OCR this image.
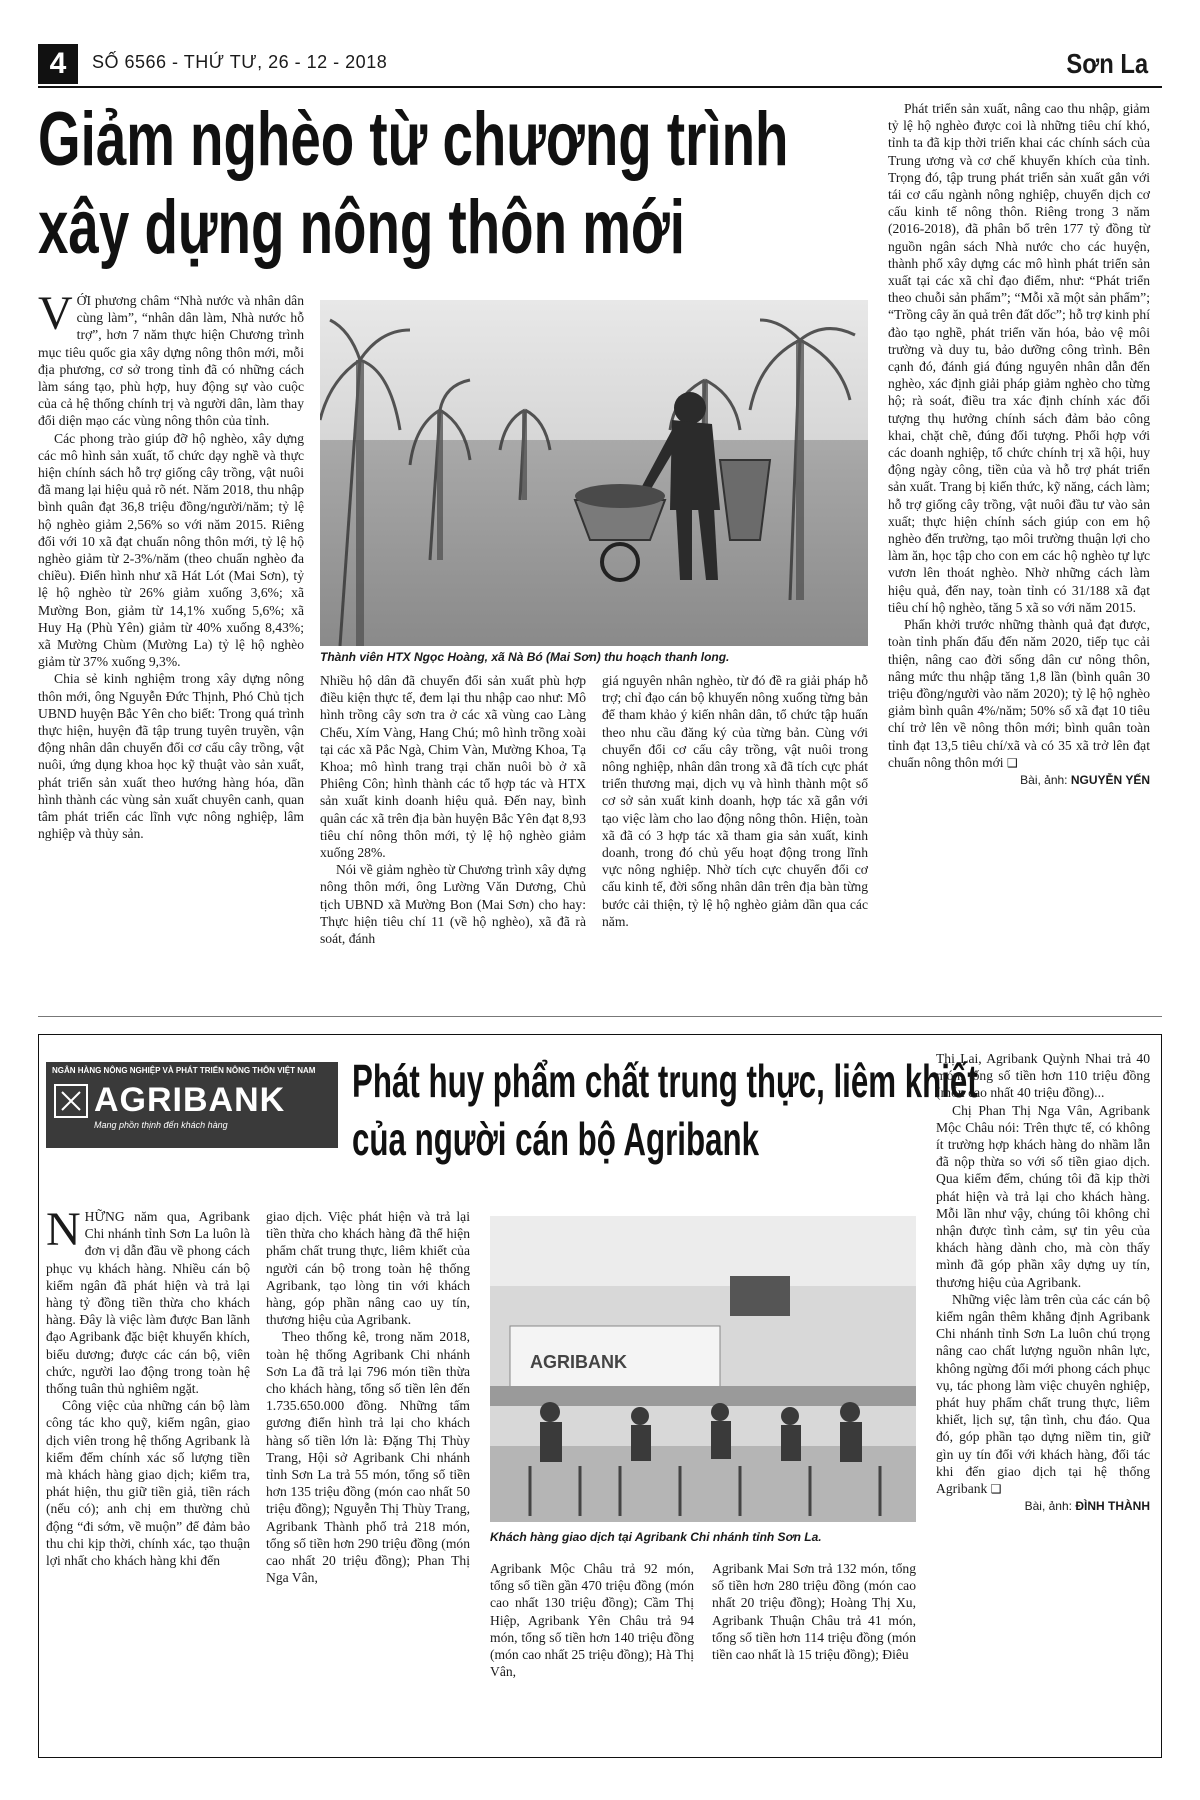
4	SỐ 6566 - THỨ TƯ, 26 - 12 - 2018	Sơn La
Giảm nghèo từ chương trình
xây dựng nông thôn mới

VỚI phương châm “Nhà nước và nhân dân cùng làm”, “nhân dân làm, Nhà nước hỗ trợ”, hơn 7 năm thực hiện Chương trình mục tiêu quốc gia xây dựng nông thôn mới, mỗi địa phương, cơ sở trong tỉnh đã có những cách làm sáng tạo, phù hợp, huy động sự vào cuộc của cả hệ thống chính trị và người dân, làm thay đổi diện mạo các vùng nông thôn của tỉnh.

Các phong trào giúp đỡ hộ nghèo, xây dựng các mô hình sản xuất, tổ chức dạy nghề và thực hiện chính sách hỗ trợ giống cây trồng, vật nuôi đã mang lại hiệu quả rõ nét. Năm 2018, thu nhập bình quân đạt 36,8 triệu đồng/người/năm; tỷ lệ hộ nghèo giảm 2,56% so với năm 2015. Riêng đối với 10 xã đạt chuẩn nông thôn mới, tỷ lệ hộ nghèo giảm từ 2-3%/năm (theo chuẩn nghèo đa chiều). Điển hình như xã Hát Lót (Mai Sơn), tỷ lệ hộ nghèo từ 26% giảm xuống 3,6%; xã Mường Bon, giảm từ 14,1% xuống 5,6%; xã Huy Hạ (Phù Yên) giảm từ 40% xuống 8,43%; xã Mường Chùm (Mường La) tỷ lệ hộ nghèo giảm từ 37% xuống 9,3%.

Chia sẻ kinh nghiệm trong xây dựng nông thôn mới, ông Nguyễn Đức Thịnh, Phó Chủ tịch UBND huyện Bắc Yên cho biết: Trong quá trình thực hiện, huyện đã tập trung tuyên truyền, vận động nhân dân chuyển đổi cơ cấu cây trồng, vật nuôi, ứng dụng khoa học kỹ thuật vào sản xuất, phát triển sản xuất theo hướng hàng hóa, dần hình thành các vùng sản xuất chuyên canh, quan tâm phát triển các lĩnh vực nông nghiệp, lâm nghiệp và thủy sản.

Thành viên HTX Ngọc Hoàng, xã Nà Bó (Mai Sơn) thu hoạch thanh long.

Nhiều hộ dân đã chuyển đổi sản xuất phù hợp điều kiện thực tế, đem lại thu nhập cao như: Mô hình trồng cây sơn tra ở các xã vùng cao Làng Chếu, Xím Vàng, Hang Chú; mô hình trồng xoài tại các xã Pắc Ngà, Chim Vàn, Mường Khoa, Tạ Khoa; mô hình trang trại chăn nuôi bò ở xã Phiêng Côn; hình thành các tổ hợp tác và HTX sản xuất kinh doanh hiệu quả. Đến nay, bình quân các xã trên địa bàn huyện Bắc Yên đạt 8,93 tiêu chí nông thôn mới, tỷ lệ hộ nghèo giảm xuống 28%.

Nói về giảm nghèo từ Chương trình xây dựng nông thôn mới, ông Lường Văn Dương, Chủ tịch UBND xã Mường Bon (Mai Sơn) cho hay: Thực hiện tiêu chí 11 (về hộ nghèo), xã đã rà soát, đánh

giá nguyên nhân nghèo, từ đó đề ra giải pháp hỗ trợ; chỉ đạo cán bộ khuyến nông xuống từng bản để tham khảo ý kiến nhân dân, tổ chức tập huấn theo nhu cầu đăng ký của từng bản. Cùng với chuyển đổi cơ cấu cây trồng, vật nuôi trong nông nghiệp, nhân dân trong xã đã tích cực phát triển thương mại, dịch vụ và hình thành một số cơ sở sản xuất kinh doanh, hợp tác xã gắn với tạo việc làm cho lao động nông thôn. Hiện, toàn xã đã có 3 hợp tác xã tham gia sản xuất, kinh doanh, trong đó chủ yếu hoạt động trong lĩnh vực nông nghiệp. Nhờ tích cực chuyển đổi cơ cấu kinh tế, đời sống nhân dân trên địa bàn từng bước cải thiện, tỷ lệ hộ nghèo giảm dần qua các năm.

Phát triển sản xuất, nâng cao thu nhập, giảm tỷ lệ hộ nghèo được coi là những tiêu chí khó, tỉnh ta đã kịp thời triển khai các chính sách của Trung ương và cơ chế khuyến khích của tỉnh. Trọng đó, tập trung phát triển sản xuất gắn với tái cơ cấu ngành nông nghiệp, chuyển dịch cơ cấu kinh tế nông thôn. Riêng trong 3 năm (2016-2018), đã phân bổ trên 177 tỷ đồng từ nguồn ngân sách Nhà nước cho các huyện, thành phố xây dựng các mô hình phát triển sản xuất tại các xã chỉ đạo điểm, như: “Phát triển theo chuỗi sản phẩm”; “Mỗi xã một sản phẩm”; “Trồng cây ăn quả trên đất dốc”; hỗ trợ kinh phí đào tạo nghề, phát triển văn hóa, bảo vệ môi trường và duy tu, bảo dưỡng công trình. Bên cạnh đó, đánh giá đúng nguyên nhân dẫn đến nghèo, xác định giải pháp giảm nghèo cho từng hộ; rà soát, điều tra xác định chính xác đối tượng thụ hưởng chính sách đảm bảo công khai, chặt chẽ, đúng đối tượng. Phối hợp với các doanh nghiệp, tổ chức chính trị xã hội, huy động ngày công, tiền của và hỗ trợ phát triển sản xuất. Trang bị kiến thức, kỹ năng, cách làm; hỗ trợ giống cây trồng, vật nuôi đầu tư vào sản xuất; thực hiện chính sách giúp con em hộ nghèo đến trường, tạo môi trường thuận lợi cho làm ăn, học tập cho con em các hộ nghèo tự lực vươn lên thoát nghèo. Nhờ những cách làm hiệu quả, đến nay, toàn tỉnh có 31/188 xã đạt tiêu chí hộ nghèo, tăng 5 xã so với năm 2015.

Phấn khởi trước những thành quả đạt được, toàn tỉnh phấn đấu đến năm 2020, tiếp tục cải thiện, nâng cao đời sống dân cư nông thôn, nâng mức thu nhập tăng 1,8 lần (bình quân 30 triệu đồng/người vào năm 2020); tỷ lệ hộ nghèo giảm bình quân 4%/năm; 50% số xã đạt 10 tiêu chí trở lên về nông thôn mới; bình quân toàn tỉnh đạt 13,5 tiêu chí/xã và có 35 xã trở lên đạt chuẩn nông thôn mới ❑

Bài, ảnh: NGUYỄN YẾN
NGÂN HÀNG NÔNG NGHIỆP VÀ PHÁT TRIỂN NÔNG THÔN VIỆT NAM
AGRIBANK
Mang phồn thịnh đến khách hàng
Phát huy phẩm chất trung thực, liêm khiết
của người cán bộ Agribank

NHỮNG năm qua, Agribank Chi nhánh tỉnh Sơn La luôn là đơn vị dẫn đầu về phong cách phục vụ khách hàng. Nhiều cán bộ kiểm ngân đã phát hiện và trả lại hàng tỷ đồng tiền thừa cho khách hàng. Đây là việc làm được Ban lãnh đạo Agribank đặc biệt khuyến khích, biểu dương; được các cán bộ, viên chức, người lao động trong toàn hệ thống tuân thủ nghiêm ngặt.

Công việc của những cán bộ làm công tác kho quỹ, kiểm ngân, giao dịch viên trong hệ thống Agribank là kiểm đếm chính xác số lượng tiền mà khách hàng giao dịch; kiểm tra, phát hiện, thu giữ tiền giả, tiền rách (nếu có); anh chị em thường chủ động “đi sớm, về muộn” để đảm bảo thu chi kịp thời, chính xác, tạo thuận lợi nhất cho khách hàng khi đến

giao dịch. Việc phát hiện và trả lại tiền thừa cho khách hàng đã thể hiện phẩm chất trung thực, liêm khiết của người cán bộ trong toàn hệ thống Agribank, tạo lòng tin với khách hàng, góp phần nâng cao uy tín, thương hiệu của Agribank.

Theo thống kê, trong năm 2018, toàn hệ thống Agribank Chi nhánh Sơn La đã trả lại 796 món tiền thừa cho khách hàng, tổng số tiền lên đến 1.735.650.000 đồng. Những tấm gương điển hình trả lại cho khách hàng số tiền lớn là: Đặng Thị Thùy Trang, Hội sở Agribank Chi nhánh tỉnh Sơn La trả 55 món, tổng số tiền hơn 135 triệu đồng (món cao nhất 50 triệu đồng); Nguyễn Thị Thùy Trang, Agribank Thành phố trả 218 món, tổng số tiền hơn 290 triệu đồng (món cao nhất 20 triệu đồng); Phan Thị Nga Vân,

AGRIBANK
Khách hàng giao dịch tại Agribank Chi nhánh tỉnh Sơn La.

Agribank Mộc Châu trả 92 món, tổng số tiền gần 470 triệu đồng (món cao nhất 130 triệu đồng); Cầm Thị Hiệp, Agribank Yên Châu trả 94 món, tổng số tiền hơn 140 triệu đồng (món cao nhất 25 triệu đồng); Hà Thị Vân,

Agribank Mai Sơn trả 132 món, tổng số tiền hơn 280 triệu đồng (món cao nhất 20 triệu đồng); Hoàng Thị Xu, Agribank Thuận Châu trả 41 món, tổng số tiền hơn 114 triệu đồng (món tiền cao nhất là 15 triệu đồng); Điêu

Thị Lai, Agribank Quỳnh Nhai trả 40 món, tổng số tiền hơn 110 triệu đồng (món cao nhất 40 triệu đồng)...

Chị Phan Thị Nga Vân, Agribank Mộc Châu nói: Trên thực tế, có không ít trường hợp khách hàng do nhầm lẫn đã nộp thừa so với số tiền giao dịch. Qua kiểm đếm, chúng tôi đã kịp thời phát hiện và trả lại cho khách hàng. Mỗi lần như vậy, chúng tôi không chỉ nhận được tình cảm, sự tin yêu của khách hàng dành cho, mà còn thấy mình đã góp phần xây dựng uy tín, thương hiệu của Agribank.

Những việc làm trên của các cán bộ kiểm ngân thêm khẳng định Agribank Chi nhánh tỉnh Sơn La luôn chú trọng nâng cao chất lượng nguồn nhân lực, không ngừng đổi mới phong cách phục vụ, tác phong làm việc chuyên nghiệp, phát huy phẩm chất trung thực, liêm khiết, lịch sự, tận tình, chu đáo. Qua đó, góp phần tạo dựng niềm tin, giữ gìn uy tín đối với khách hàng, đối tác khi đến giao dịch tại hệ thống Agribank ❑

Bài, ảnh: ĐÌNH THÀNH
